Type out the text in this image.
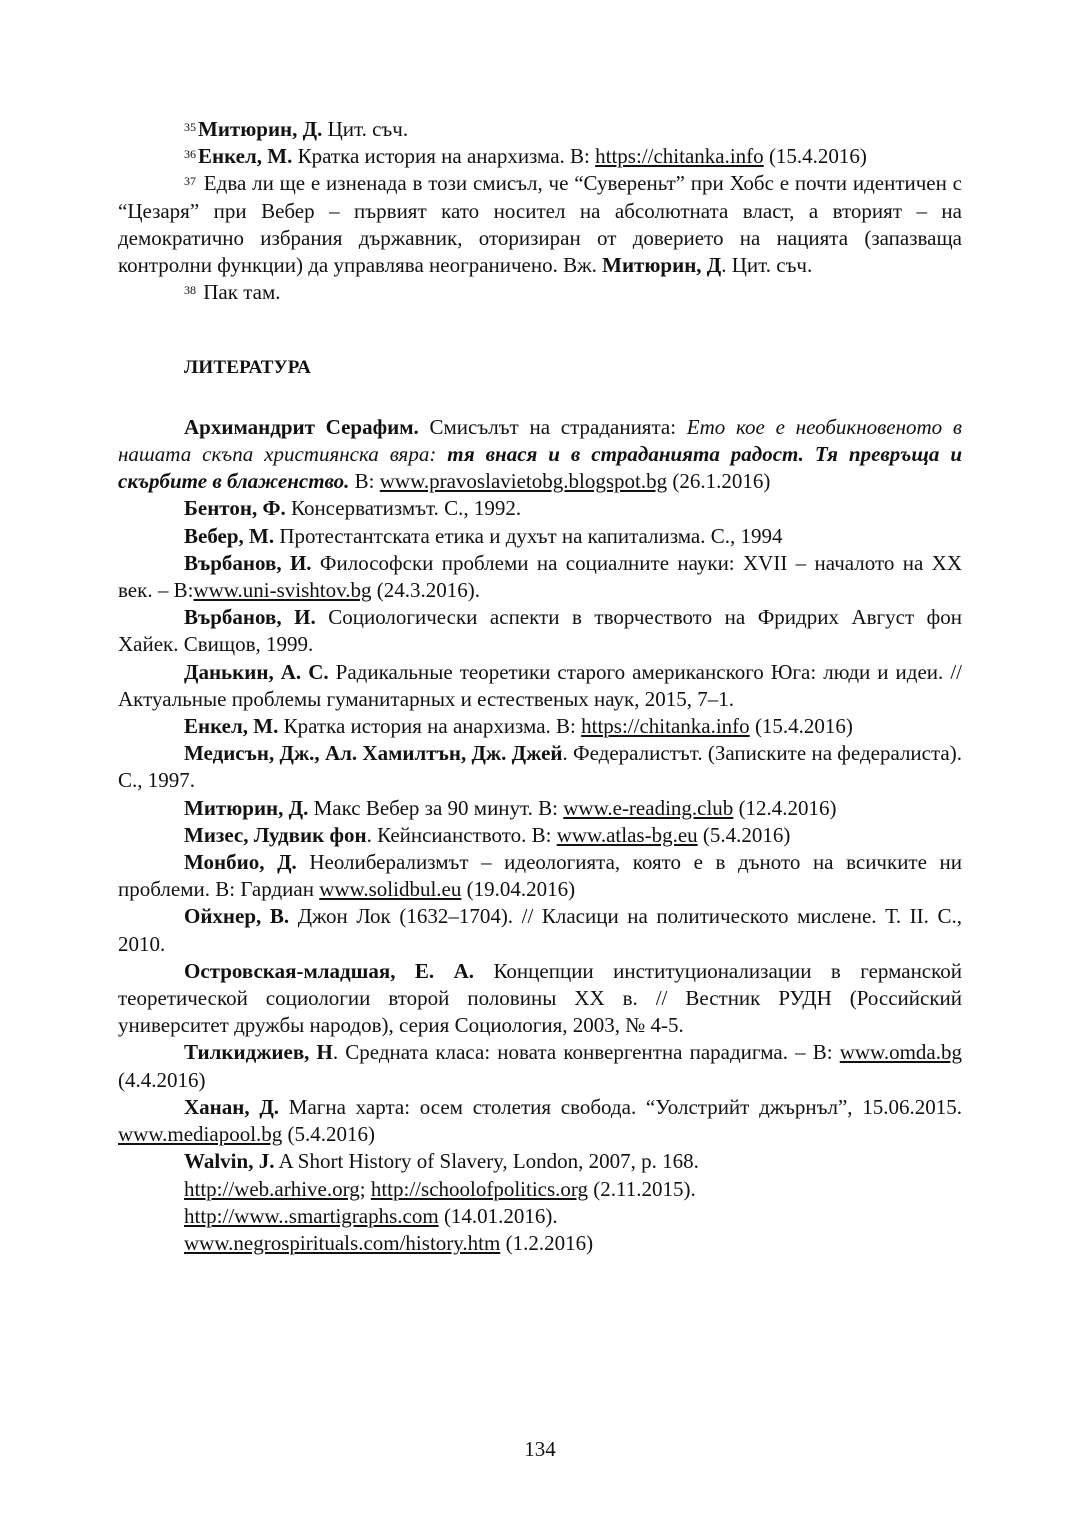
$^{35}$Митюрин, Д. Цит. съч.

$^{36}$Енкел, М. Кратка история на анархизма. В: https://chitanka.info (15.4.2016)

$^{37}$ Едва ли ще е изненада в този смисъл, че “Сувереньт” при Хобс е почти идентичен с “Цезаря” при Вебер – първият като носител на абсолютната власт, а вторият – на демократично избрания държавник, оторизиран от доверието на нацията (запазваща контролни функции) да управлява неограничено. Вж. Митюрин, Д. Цит. съч.

$^{38}$ Пак там.

ЛИТЕРАТУРА

Архимандрит Серафим. Смисълът на страданията: Ето кое е необикновеното в нашата скъпа християнска вяра: тя внася и в страданията радост. Тя превръща и скърбите в блаженство. В: www.pravoslavietobg.blogspot.bg (26.1.2016)

Бентон, Ф. Консерватизмът. С., 1992.

Вебер, М. Протестантската етика и духът на капитализма. С., 1994

Върбанов, И. Философски проблеми на социалните науки: XVII – началото на XX век. – В:www.uni-svishtov.bg (24.3.2016).

Върбанов, И. Социологически аспекти в творчеството на Фридрих Август фон Хайек. Свищов, 1999.

Данькин, А. С. Радикальные теоретики старого американского Юга: люди и идеи. // Актуальные проблемы гуманитарных и естественых наук, 2015, 7–1.

Енкел, М. Кратка история на анархизма. В: https://chitanka.info (15.4.2016)

Медисън, Дж., Ал. Хамилтън, Дж. Джей. Федералистът. (Записките на федералиста). С., 1997.

Митюрин, Д. Макс Вебер за 90 минут. В: www.e-reading.club (12.4.2016)

Мизес, Лудвик фон. Кейнсианството. В: www.atlas-bg.eu (5.4.2016)

Монбио, Д. Неолиберализмът – идеологията, която е в дъното на всичките ни проблеми. В: Гардиан www.solidbul.eu (19.04.2016)

Ойхнер, В. Джон Лок (1632–1704). // Класици на политическото мислене. Т. II. С., 2010.

Островская-младшая, Е. А. Концепции институционализации в германской теоретической социологии второй половины XX в. // Вестник РУДН (Российский университет дружбы народов), серия Социология, 2003, № 4-5.

Тилкиджиев, Н. Средната класа: новата конвергентна парадигма. – В: www.omda.bg (4.4.2016)

Ханан, Д. Магна харта: осем столетия свобода. “Уолстрийт джърнъл”, 15.06.2015. www.mediapool.bg (5.4.2016)

Walvin, J. A Short History of Slavery, London, 2007, p. 168.

http://web.arhive.org; http://schoolofpolitics.org (2.11.2015).

http://www..smartigraphs.com (14.01.2016).

www.negrospirituals.com/history.htm (1.2.2016)

134
